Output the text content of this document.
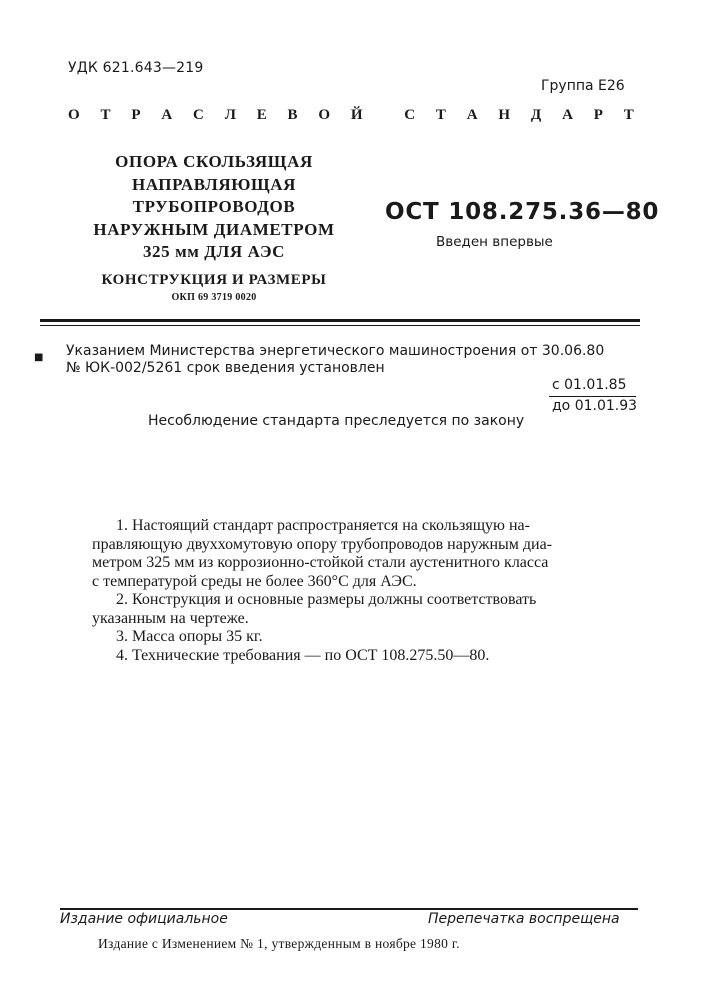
УДК 621.643—219
Группа Е26
О Т Р А С Л Е В О Й	С Т А Н Д А Р Т
ОПОРА СКОЛЬЗЯЩАЯ
НАПРАВЛЯЮЩАЯ
ТРУБОПРОВОДОВ
НАРУЖНЫМ ДИАМЕТРОМ
325 мм ДЛЯ АЭС
КОНСТРУКЦИЯ И РАЗМЕРЫ
ОКП 69 3719 0020
ОСТ 108.275.36—80
Введен впервые
■ Указанием Министерства энергетического машиностроения от 30.06.80
№ ЮК-002/5261 срок введения установлен
с 01.01.85
до 01.01.93
Несоблюдение стандарта преследуется по закону
1. Настоящий стандарт распространяется на скользящую на-
правляющую двуххомутовую опору трубопроводов наружным диа-
метром 325 мм из коррозионно-стойкой стали аустенитного класса
с температурой среды не более 360°С для АЭС.
2. Конструкция и основные размеры должны соответствовать
указанным на чертеже.
3. Масса опоры 35 кг.
4. Технические требования — по ОСТ 108.275.50—80.
Издание официальное	Перепечатка воспрещена
Издание с Изменением № 1, утвержденным в ноябре 1980 г.
